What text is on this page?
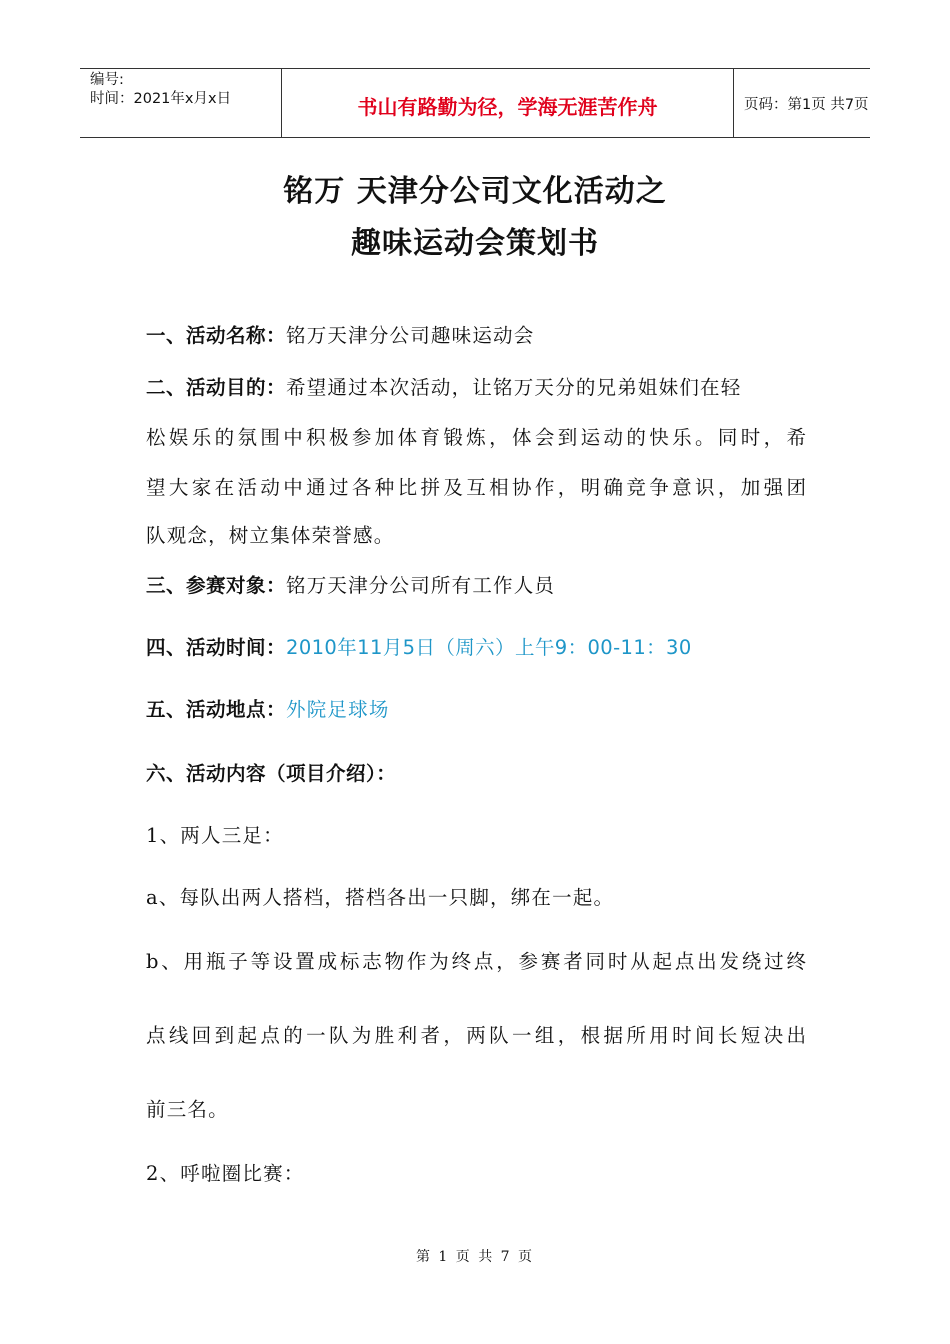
编号:
时间：2021年x月x日	书山有路勤为径，学海无涯苦作舟	页码：第1页 共7页
铭万 天津分公司文化活动之
趣味运动会策划书
一、活动名称：铭万天津分公司趣味运动会
二、活动目的：希望通过本次活动，让铭万天分的兄弟姐妹们在轻
松娱乐的氛围中积极参加体育锻炼，体会到运动的快乐。同时，希
望大家在活动中通过各种比拼及互相协作，明确竞争意识，加强团
队观念，树立集体荣誉感。
三、参赛对象：铭万天津分公司所有工作人员
四、活动时间：2010年11月5日（周六）上午9：00-11：30
五、活动地点：外院足球场
六、活动内容（项目介绍）：
1、两人三足：
a、每队出两人搭档，搭档各出一只脚，绑在一起。
b、用瓶子等设置成标志物作为终点，参赛者同时从起点出发绕过终
点线回到起点的一队为胜利者，两队一组，根据所用时间长短决出
前三名。
2、呼啦圈比赛：
第 1 页 共 7 页
